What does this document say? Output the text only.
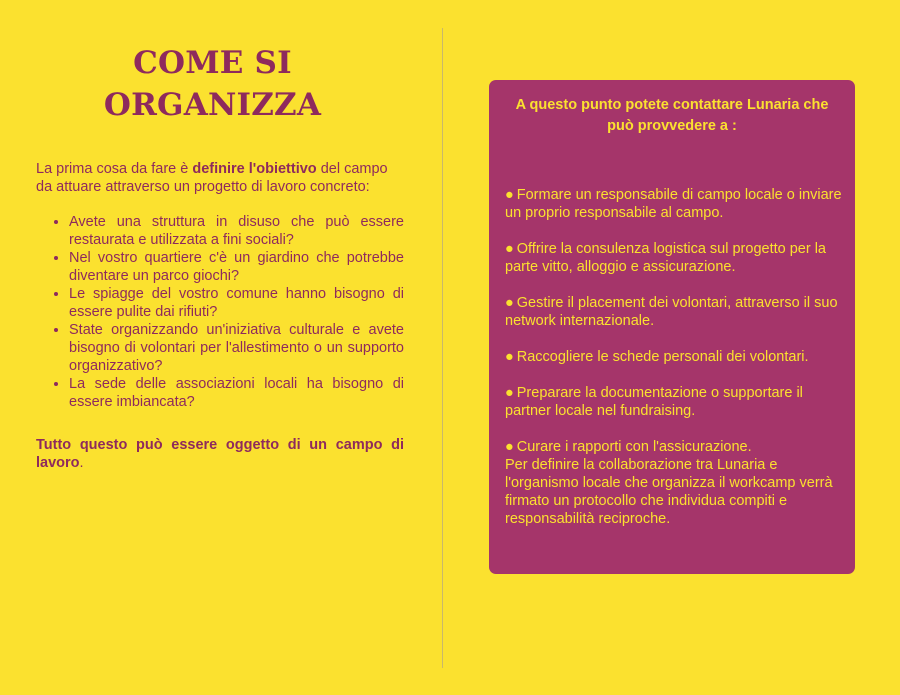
COME SI
ORGANIZZA

La prima cosa da fare è definire l'obiettivo del campo da attuare attraverso un progetto di lavoro concreto:

• Avete una struttura in disuso che può essere restaurata e utilizzata a fini sociali?
• Nel vostro quartiere c'è un giardino che potrebbe diventare un parco giochi?
• Le spiagge del vostro comune hanno bisogno di essere pulite dai rifiuti?
• State organizzando un'iniziativa culturale e avete bisogno di volontari per l'allestimento o un supporto organizzativo?
• La sede delle associazioni locali ha bisogno di essere imbiancata?

Tutto questo può essere oggetto di un campo di lavoro.

A questo punto potete contattare Lunaria che può provvedere a :

● Formare un responsabile di campo locale o inviare un proprio responsabile al campo.
● Offrire la consulenza logistica sul progetto per la parte vitto, alloggio e assicurazione.
● Gestire il placement dei volontari, attraverso il suo network internazionale.
● Raccogliere le schede personali dei volontari.
● Preparare la documentazione o supportare il partner locale nel fundraising.
● Curare i rapporti con l'assicurazione.
Per definire la collaborazione tra Lunaria e l'organismo locale che organizza il workcamp verrà firmato un protocollo che individua compiti e responsabilità reciproche.
